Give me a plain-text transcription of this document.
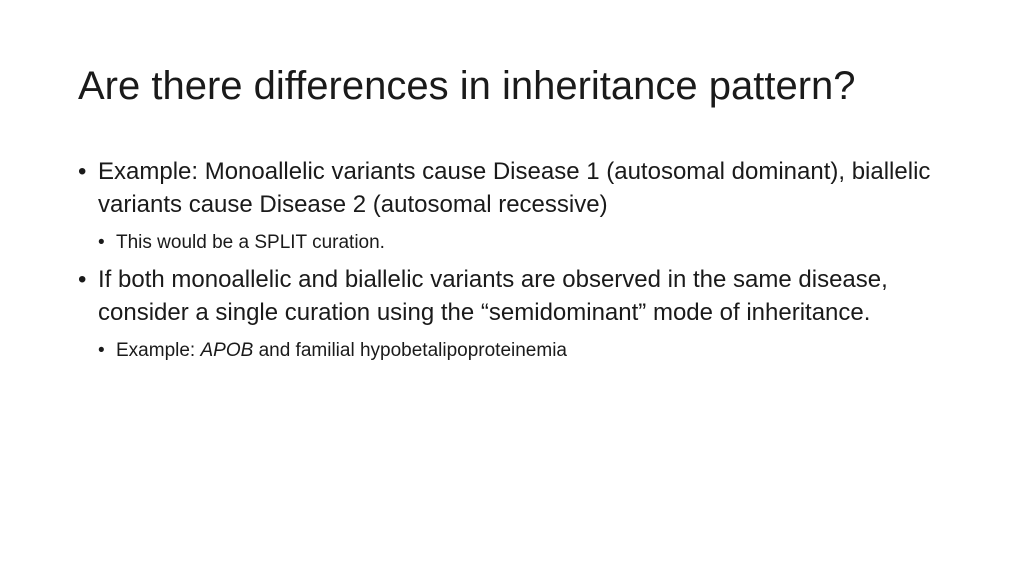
Are there differences in inheritance pattern?
• Example: Monoallelic variants cause Disease 1 (autosomal dominant), biallelic variants cause Disease 2 (autosomal recessive)
• This would be a SPLIT curation.
• If both monoallelic and biallelic variants are observed in the same disease, consider a single curation using the “semidominant” mode of inheritance.
• Example: APOB and familial hypobetalipoproteinemia
